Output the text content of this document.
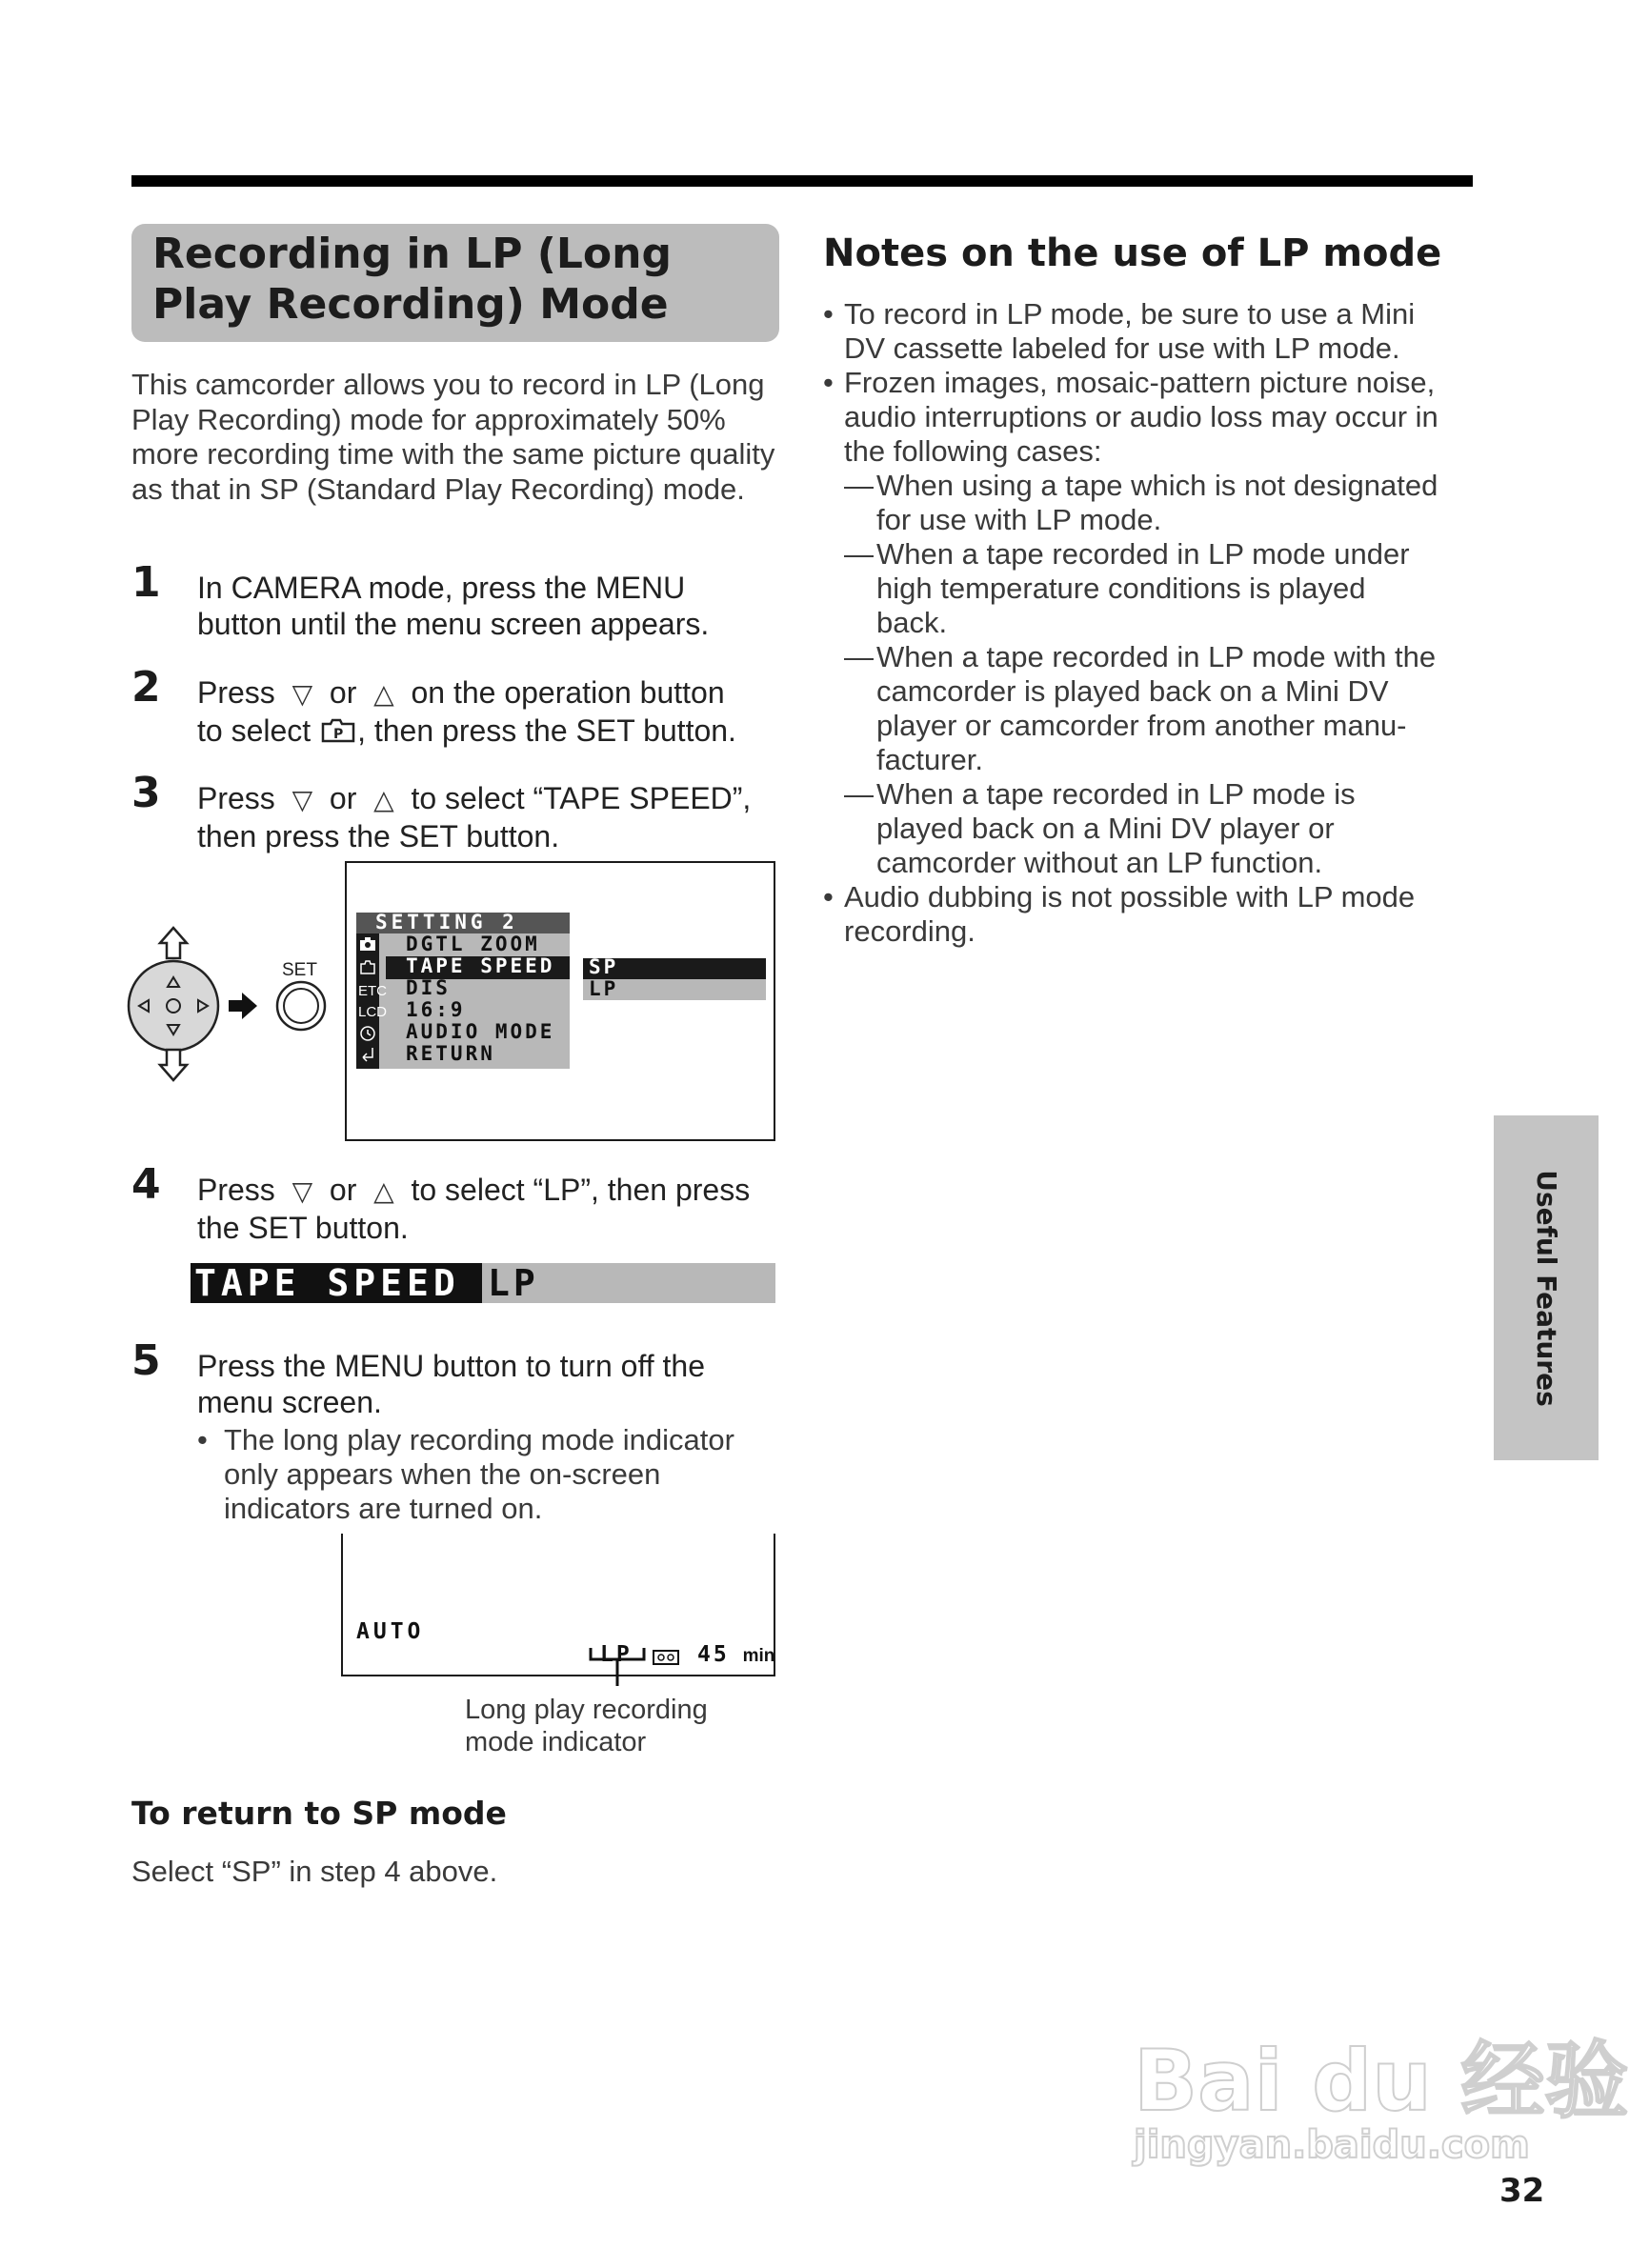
Recording in LP (Long Play Recording) Mode
This camcorder allows you to record in LP (Long Play Recording) mode for approximately 50% more recording time with the same picture quality as that in SP (Standard Play Recording) mode.
1 In CAMERA mode, press the MENU
button until the menu screen appears.
2 Press ▽ or △ on the operation button
to select P , then press the SET button.
3 Press ▽ or △ to select “TAPE SPEED”,
then press the SET button.
SET
SETTING 2
DGTL ZOOM
TAPE SPEED
DIS
16:9
AUDIO MODE
RETURN
ETC
LCD
SP
LP
4 Press ▽ or △ to select “LP”, then press
the SET button.
TAPE SPEED LP
5 Press the MENU button to turn off the
menu screen.
• The long play recording mode indicator
only appears when the on-screen
indicators are turned on.
AUTO
LP	45 min
Long play recording
mode indicator
To return to SP mode
Select “SP” in step 4 above.
Notes on the use of LP mode
• To record in LP mode, be sure to use a Mini
DV cassette labeled for use with LP mode.
• Frozen images, mosaic-pattern picture noise,
audio interruptions or audio loss may occur in
the following cases:
— When using a tape which is not designated
for use with LP mode.
— When a tape recorded in LP mode under
high temperature conditions is played
back.
— When a tape recorded in LP mode with the
camcorder is played back on a Mini DV
player or camcorder from another manu-
facturer.
— When a tape recorded in LP mode is
played back on a Mini DV player or
camcorder without an LP function.
• Audio dubbing is not possible with LP mode
recording.
Useful Features
Bai du 经验
jingyan.baidu.com
32
